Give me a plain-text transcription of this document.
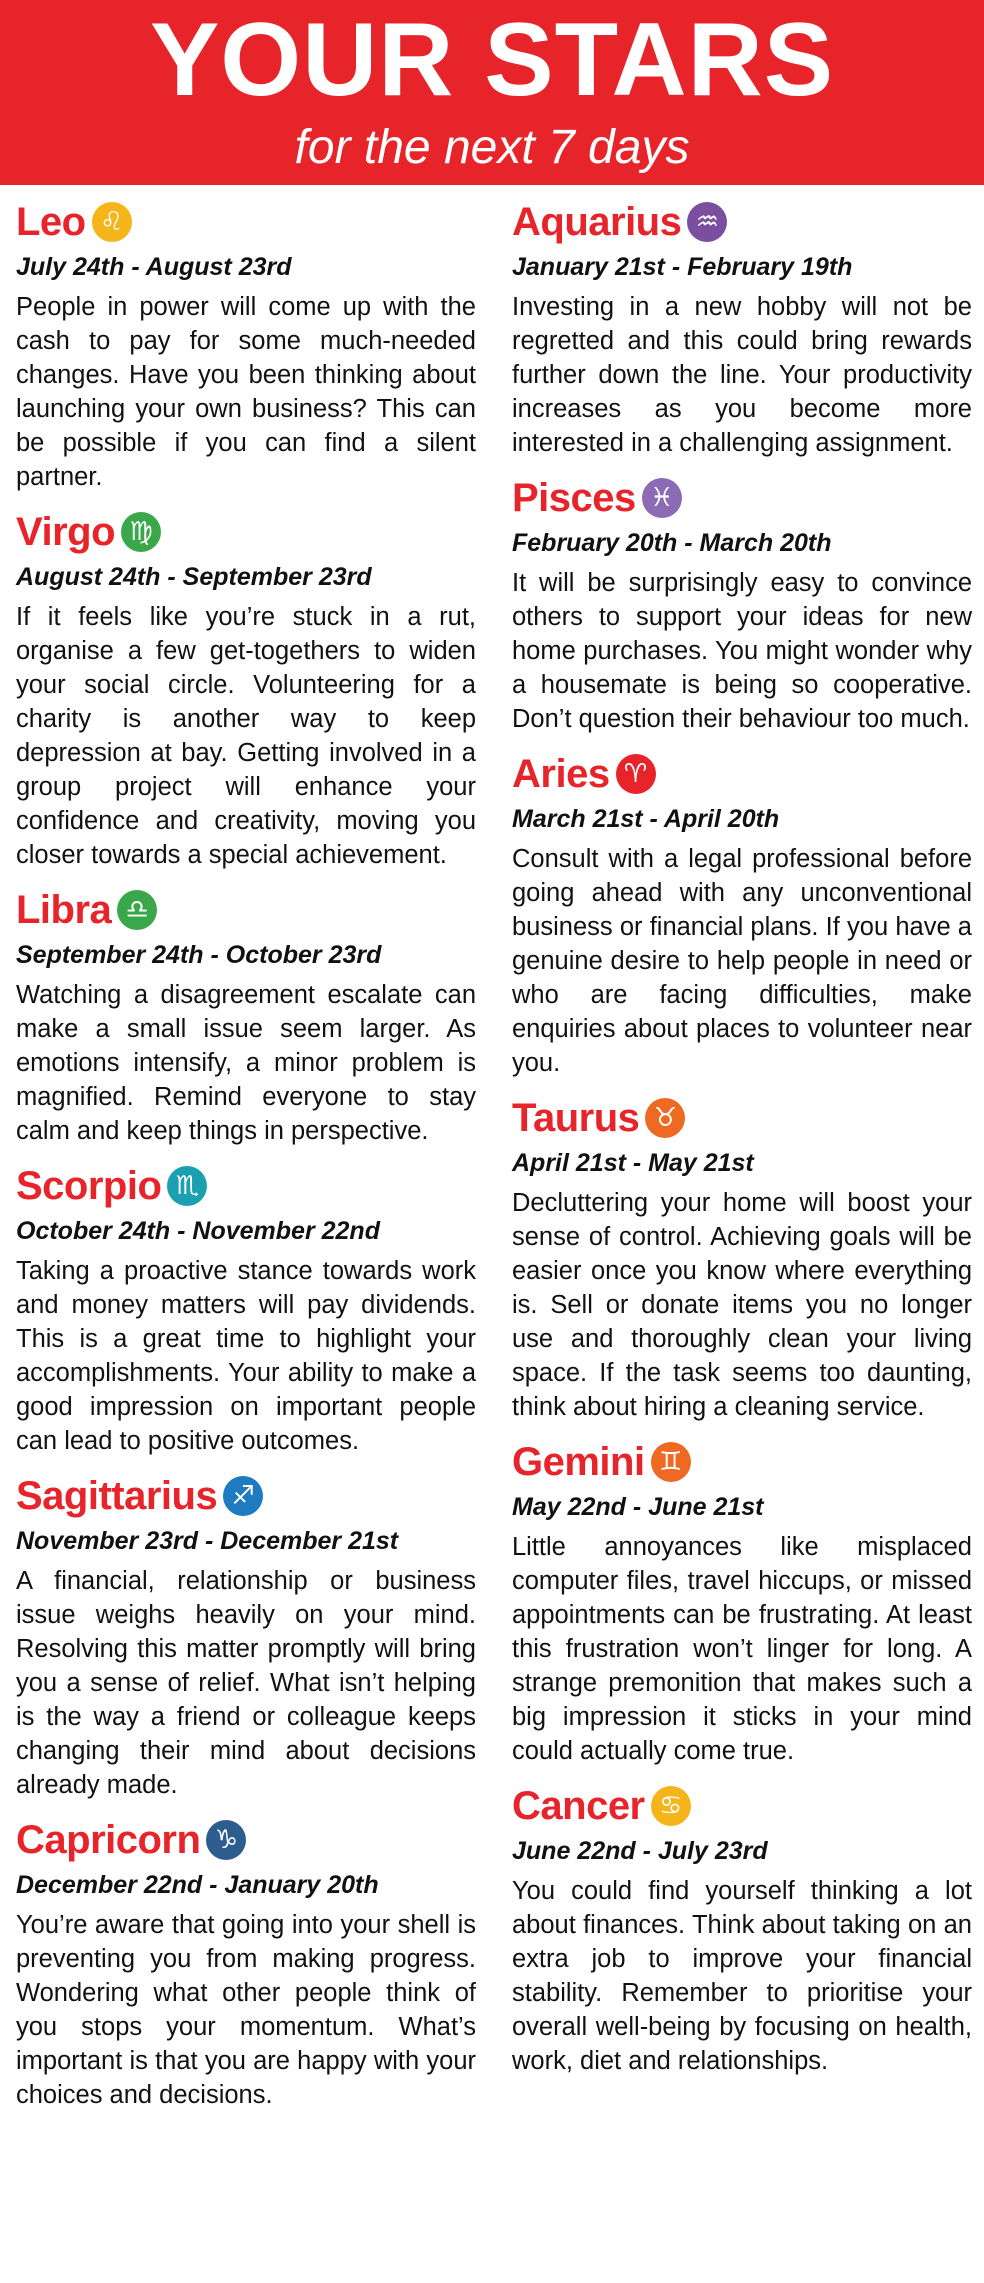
YOUR STARS
for the next 7 days
Leo ♌
July 24th - August 23rd
People in power will come up with the cash to pay for some much-needed changes. Have you been thinking about launching your own business? This can be possible if you can find a silent partner.
Virgo ♍
August 24th - September 23rd
If it feels like you’re stuck in a rut, organise a few get-togethers to widen your social circle. Volunteering for a charity is another way to keep depression at bay. Getting involved in a group project will enhance your confidence and creativity, moving you closer towards a special achievement.
Libra ♎
September 24th - October 23rd
Watching a disagreement escalate can make a small issue seem larger. As emotions intensify, a minor problem is magnified. Remind everyone to stay calm and keep things in perspective.
Scorpio ♏
October 24th - November 22nd
Taking a proactive stance towards work and money matters will pay dividends. This is a great time to highlight your accomplishments. Your ability to make a good impression on important people can lead to positive outcomes.
Sagittarius ♐
November 23rd - December 21st
A financial, relationship or business issue weighs heavily on your mind. Resolving this matter promptly will bring you a sense of relief. What isn’t helping is the way a friend or colleague keeps changing their mind about decisions already made.
Capricorn ♑
December 22nd - January 20th
You’re aware that going into your shell is preventing you from making progress. Wondering what other people think of you stops your momentum. What’s important is that you are happy with your choices and decisions.
Aquarius ♒
January 21st - February 19th
Investing in a new hobby will not be regretted and this could bring rewards further down the line. Your productivity increases as you become more interested in a challenging assignment.
Pisces ♓
February 20th - March 20th
It will be surprisingly easy to convince others to support your ideas for new home purchases. You might wonder why a housemate is being so cooperative. Don’t question their behaviour too much.
Aries ♈
March 21st - April 20th
Consult with a legal professional before going ahead with any unconventional business or financial plans. If you have a genuine desire to help people in need or who are facing difficulties, make enquiries about places to volunteer near you.
Taurus ♉
April 21st - May 21st
Decluttering your home will boost your sense of control. Achieving goals will be easier once you know where everything is. Sell or donate items you no longer use and thoroughly clean your living space. If the task seems too daunting, think about hiring a cleaning service.
Gemini ♊
May 22nd - June 21st
Little annoyances like misplaced computer files, travel hiccups, or missed appointments can be frustrating. At least this frustration won’t linger for long. A strange premonition that makes such a big impression it sticks in your mind could actually come true.
Cancer ♋
June 22nd - July 23rd
You could find yourself thinking a lot about finances. Think about taking on an extra job to improve your financial stability. Remember to prioritise your overall well-being by focusing on health, work, diet and relationships.
